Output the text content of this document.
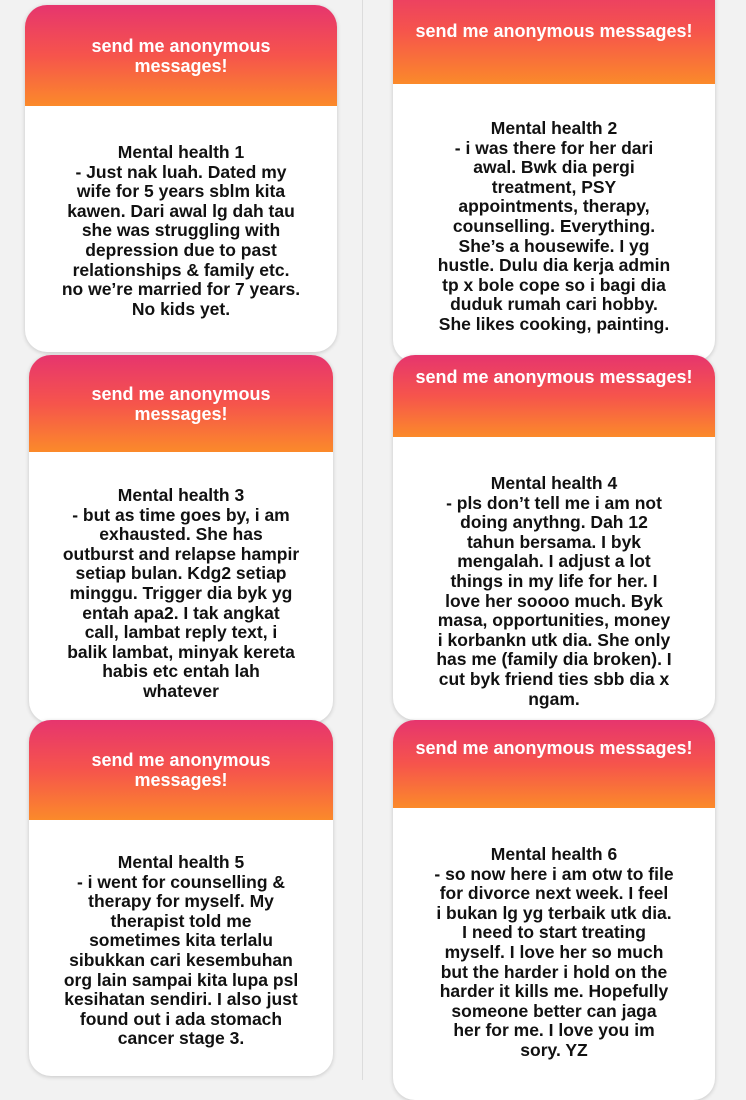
send me anonymous messages!
Mental health 1
- Just nak luah. Dated my
wife for 5 years sblm kita
kawen. Dari awal lg dah tau
she was struggling with
depression due to past
relationships & family etc.
no we’re married for 7 years.
No kids yet.
send me anonymous messages!
Mental health 2
- i was there for her dari
awal. Bwk dia pergi
treatment, PSY
appointments, therapy,
counselling. Everything.
She’s a housewife. I yg
hustle. Dulu dia kerja admin
tp x bole cope so i bagi dia
duduk rumah cari hobby.
She likes cooking, painting.
send me anonymous messages!
Mental health 3
- but as time goes by, i am
exhausted. She has
outburst and relapse hampir
setiap bulan. Kdg2 setiap
minggu. Trigger dia byk yg
entah apa2. I tak angkat
call, lambat reply text, i
balik lambat, minyak kereta
habis etc entah lah
whatever
send me anonymous messages!
Mental health 4
- pls don’t tell me i am not
doing anythng. Dah 12
tahun bersama. I byk
mengalah. I adjust a lot
things in my life for her. I
love her soooo much. Byk
masa, opportunities, money
i korbankn utk dia. She only
has me (family dia broken). I
cut byk friend ties sbb dia x
ngam.
send me anonymous messages!
Mental health 5
- i went for counselling &
therapy for myself. My
therapist told me
sometimes kita terlalu
sibukkan cari kesembuhan
org lain sampai kita lupa psl
kesihatan sendiri. I also just
found out i ada stomach
cancer stage 3.
send me anonymous messages!
Mental health 6
- so now here i am otw to file
for divorce next week. I feel
i bukan lg yg terbaik utk dia.
I need to start treating
myself. I love her so much
but the harder i hold on the
harder it kills me. Hopefully
someone better can jaga
her for me. I love you im
sory. YZ
